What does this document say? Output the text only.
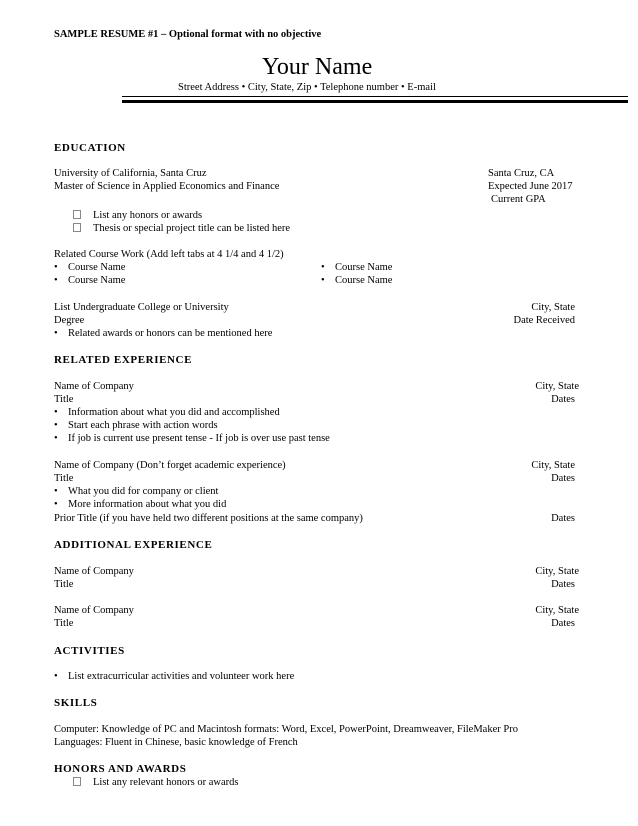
SAMPLE RESUME #1 – Optional format with no objective
Your Name
Street Address • City, State, Zip • Telephone number • E-mail
EDUCATION
University of California, Santa Cruz	Santa Cruz, CA
Master of Science in Applied Economics and Finance	Expected June 2017
Current GPA
List any honors or awards
Thesis or special project title can be listed here
Related Course Work (Add left tabs at 4 1/4 and 4 1/2)
• Course Name	• Course Name
• Course Name	• Course Name
List Undergraduate College or University	City, State
Degree	Date Received
• Related awards or honors can be mentioned here
RELATED EXPERIENCE
Name of Company	City, State
Title	Dates
• Information about what you did and accomplished
• Start each phrase with action words
• If job is current use present tense - If job is over use past tense
Name of Company (Don’t forget academic experience)	City, State
Title	Dates
• What you did for company or client
• More information about what you did
Prior Title (if you have held two different positions at the same company)	Dates
ADDITIONAL EXPERIENCE
Name of Company	City, State
Title	Dates
Name of Company	City, State
Title	Dates
ACTIVITIES
• List extracurricular activities and volunteer work here
SKILLS
Computer: Knowledge of PC and Macintosh formats: Word, Excel, PowerPoint, Dreamweaver, FileMaker Pro
Languages: Fluent in Chinese, basic knowledge of French
HONORS AND AWARDS
List any relevant honors or awards
